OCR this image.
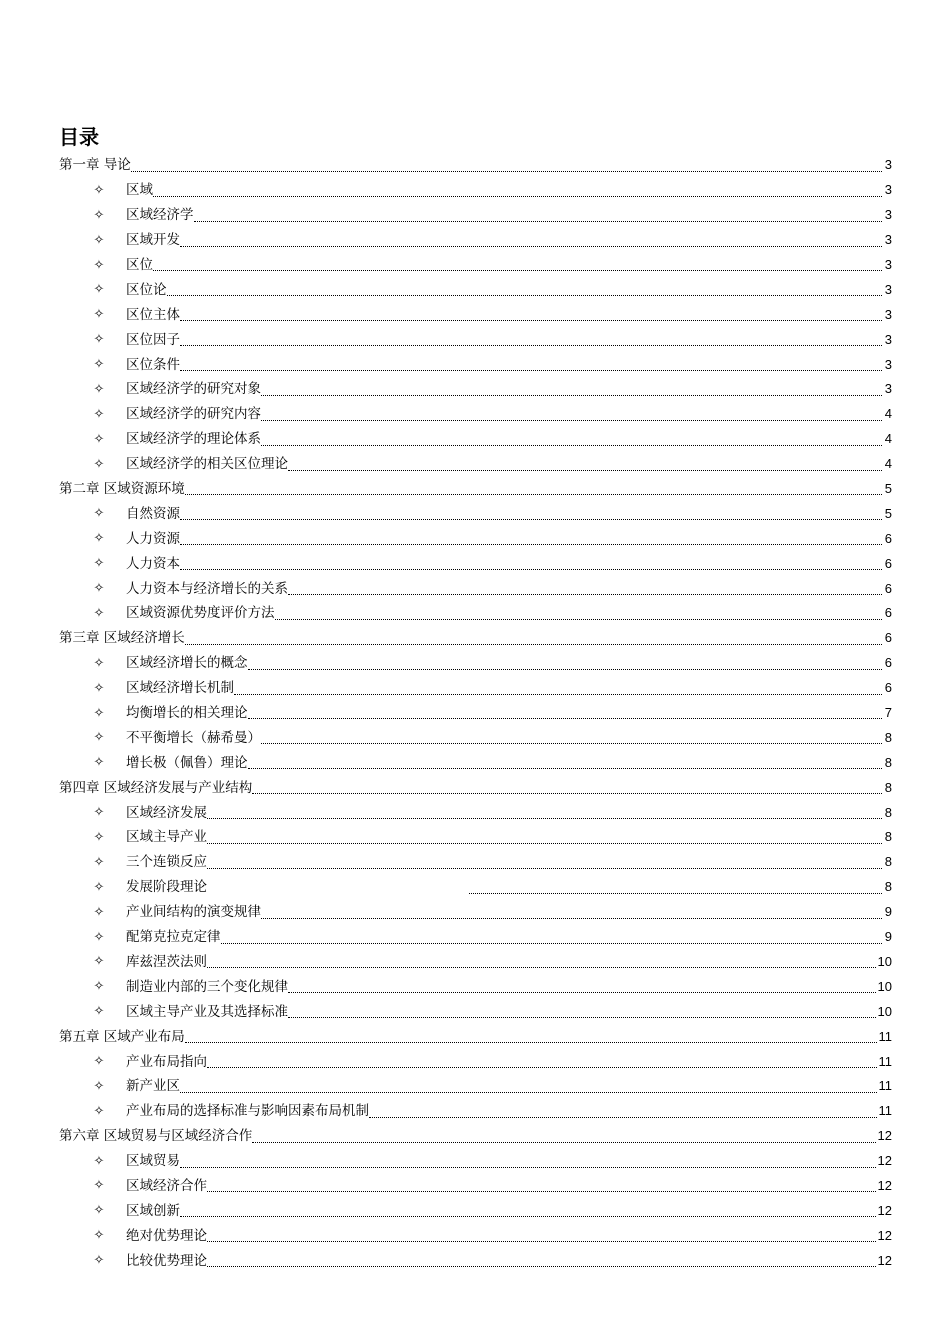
目录
第一章 导论	3
✧	区域	3
✧	区域经济学	3
✧	区域开发	3
✧	区位	3
✧	区位论	3
✧	区位主体	3
✧	区位因子	3
✧	区位条件	3
✧	区域经济学的研究对象	3
✧	区域经济学的研究内容	4
✧	区域经济学的理论体系	4
✧	区域经济学的相关区位理论	4
第二章 区域资源环境	5
✧	自然资源	5
✧	人力资源	6
✧	人力资本	6
✧	人力资本与经济增长的关系	6
✧	区域资源优势度评价方法	6
第三章 区域经济增长	6
✧	区域经济增长的概念	6
✧	区域经济增长机制	6
✧	均衡增长的相关理论	7
✧	不平衡增长（赫希曼）	8
✧	增长极（佩鲁）理论	8
第四章 区域经济发展与产业结构	8
✧	区域经济发展	8
✧	区域主导产业	8
✧	三个连锁反应	8
✧	发展阶段理论	8
✧	产业间结构的演变规律	9
✧	配第克拉克定律	9
✧	库兹涅茨法则	10
✧	制造业内部的三个变化规律	10
✧	区域主导产业及其选择标准	10
第五章 区域产业布局	11
✧	产业布局指向	11
✧	新产业区	11
✧	产业布局的选择标准与影响因素布局机制	11
第六章 区域贸易与区域经济合作	12
✧	区域贸易	12
✧	区域经济合作	12
✧	区域创新	12
✧	绝对优势理论	12
✧	比较优势理论	12
